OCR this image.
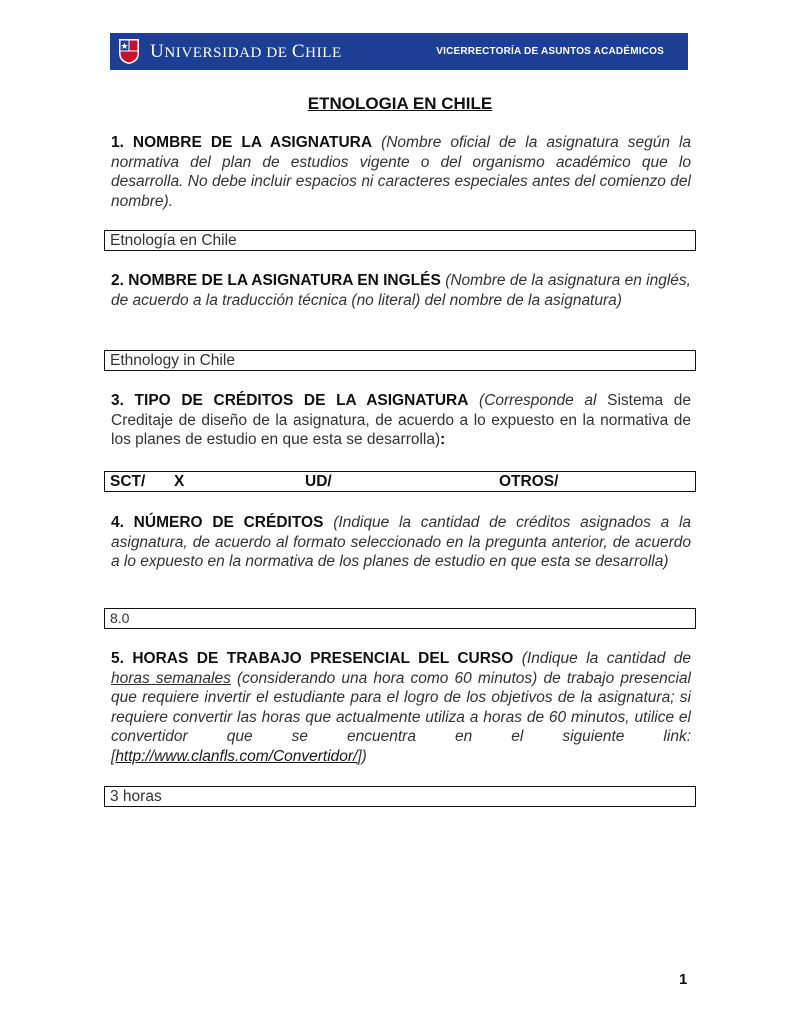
UNIVERSIDAD DE CHILE	VICERRECTORÍA DE ASUNTOS ACADÉMICOS
ETNOLOGIA EN CHILE
1. NOMBRE DE LA ASIGNATURA (Nombre oficial de la asignatura según la normativa del plan de estudios vigente o del organismo académico que lo desarrolla. No debe incluir espacios ni caracteres especiales antes del comienzo del nombre).
Etnología en Chile
2. NOMBRE DE LA ASIGNATURA EN INGLÉS (Nombre de la asignatura en inglés, de acuerdo a la traducción técnica (no literal) del nombre de la asignatura)
Ethnology in Chile
3. TIPO DE CRÉDITOS DE LA ASIGNATURA (Corresponde al Sistema de Creditaje de diseño de la asignatura, de acuerdo a lo expuesto en la normativa de los planes de estudio en que esta se desarrolla):
SCT/ X	UD/	OTROS/
4. NÚMERO DE CRÉDITOS (Indique la cantidad de créditos asignados a la asignatura, de acuerdo al formato seleccionado en la pregunta anterior, de acuerdo a lo expuesto en la normativa de los planes de estudio en que esta se desarrolla)
8.0
5. HORAS DE TRABAJO PRESENCIAL DEL CURSO (Indique la cantidad de horas semanales (considerando una hora como 60 minutos) de trabajo presencial que requiere invertir el estudiante para el logro de los objetivos de la asignatura; si requiere convertir las horas que actualmente utiliza a horas de 60 minutos, utilice el convertidor que se encuentra en el siguiente link: [http://www.clanfls.com/Convertidor/])
3 horas
1
